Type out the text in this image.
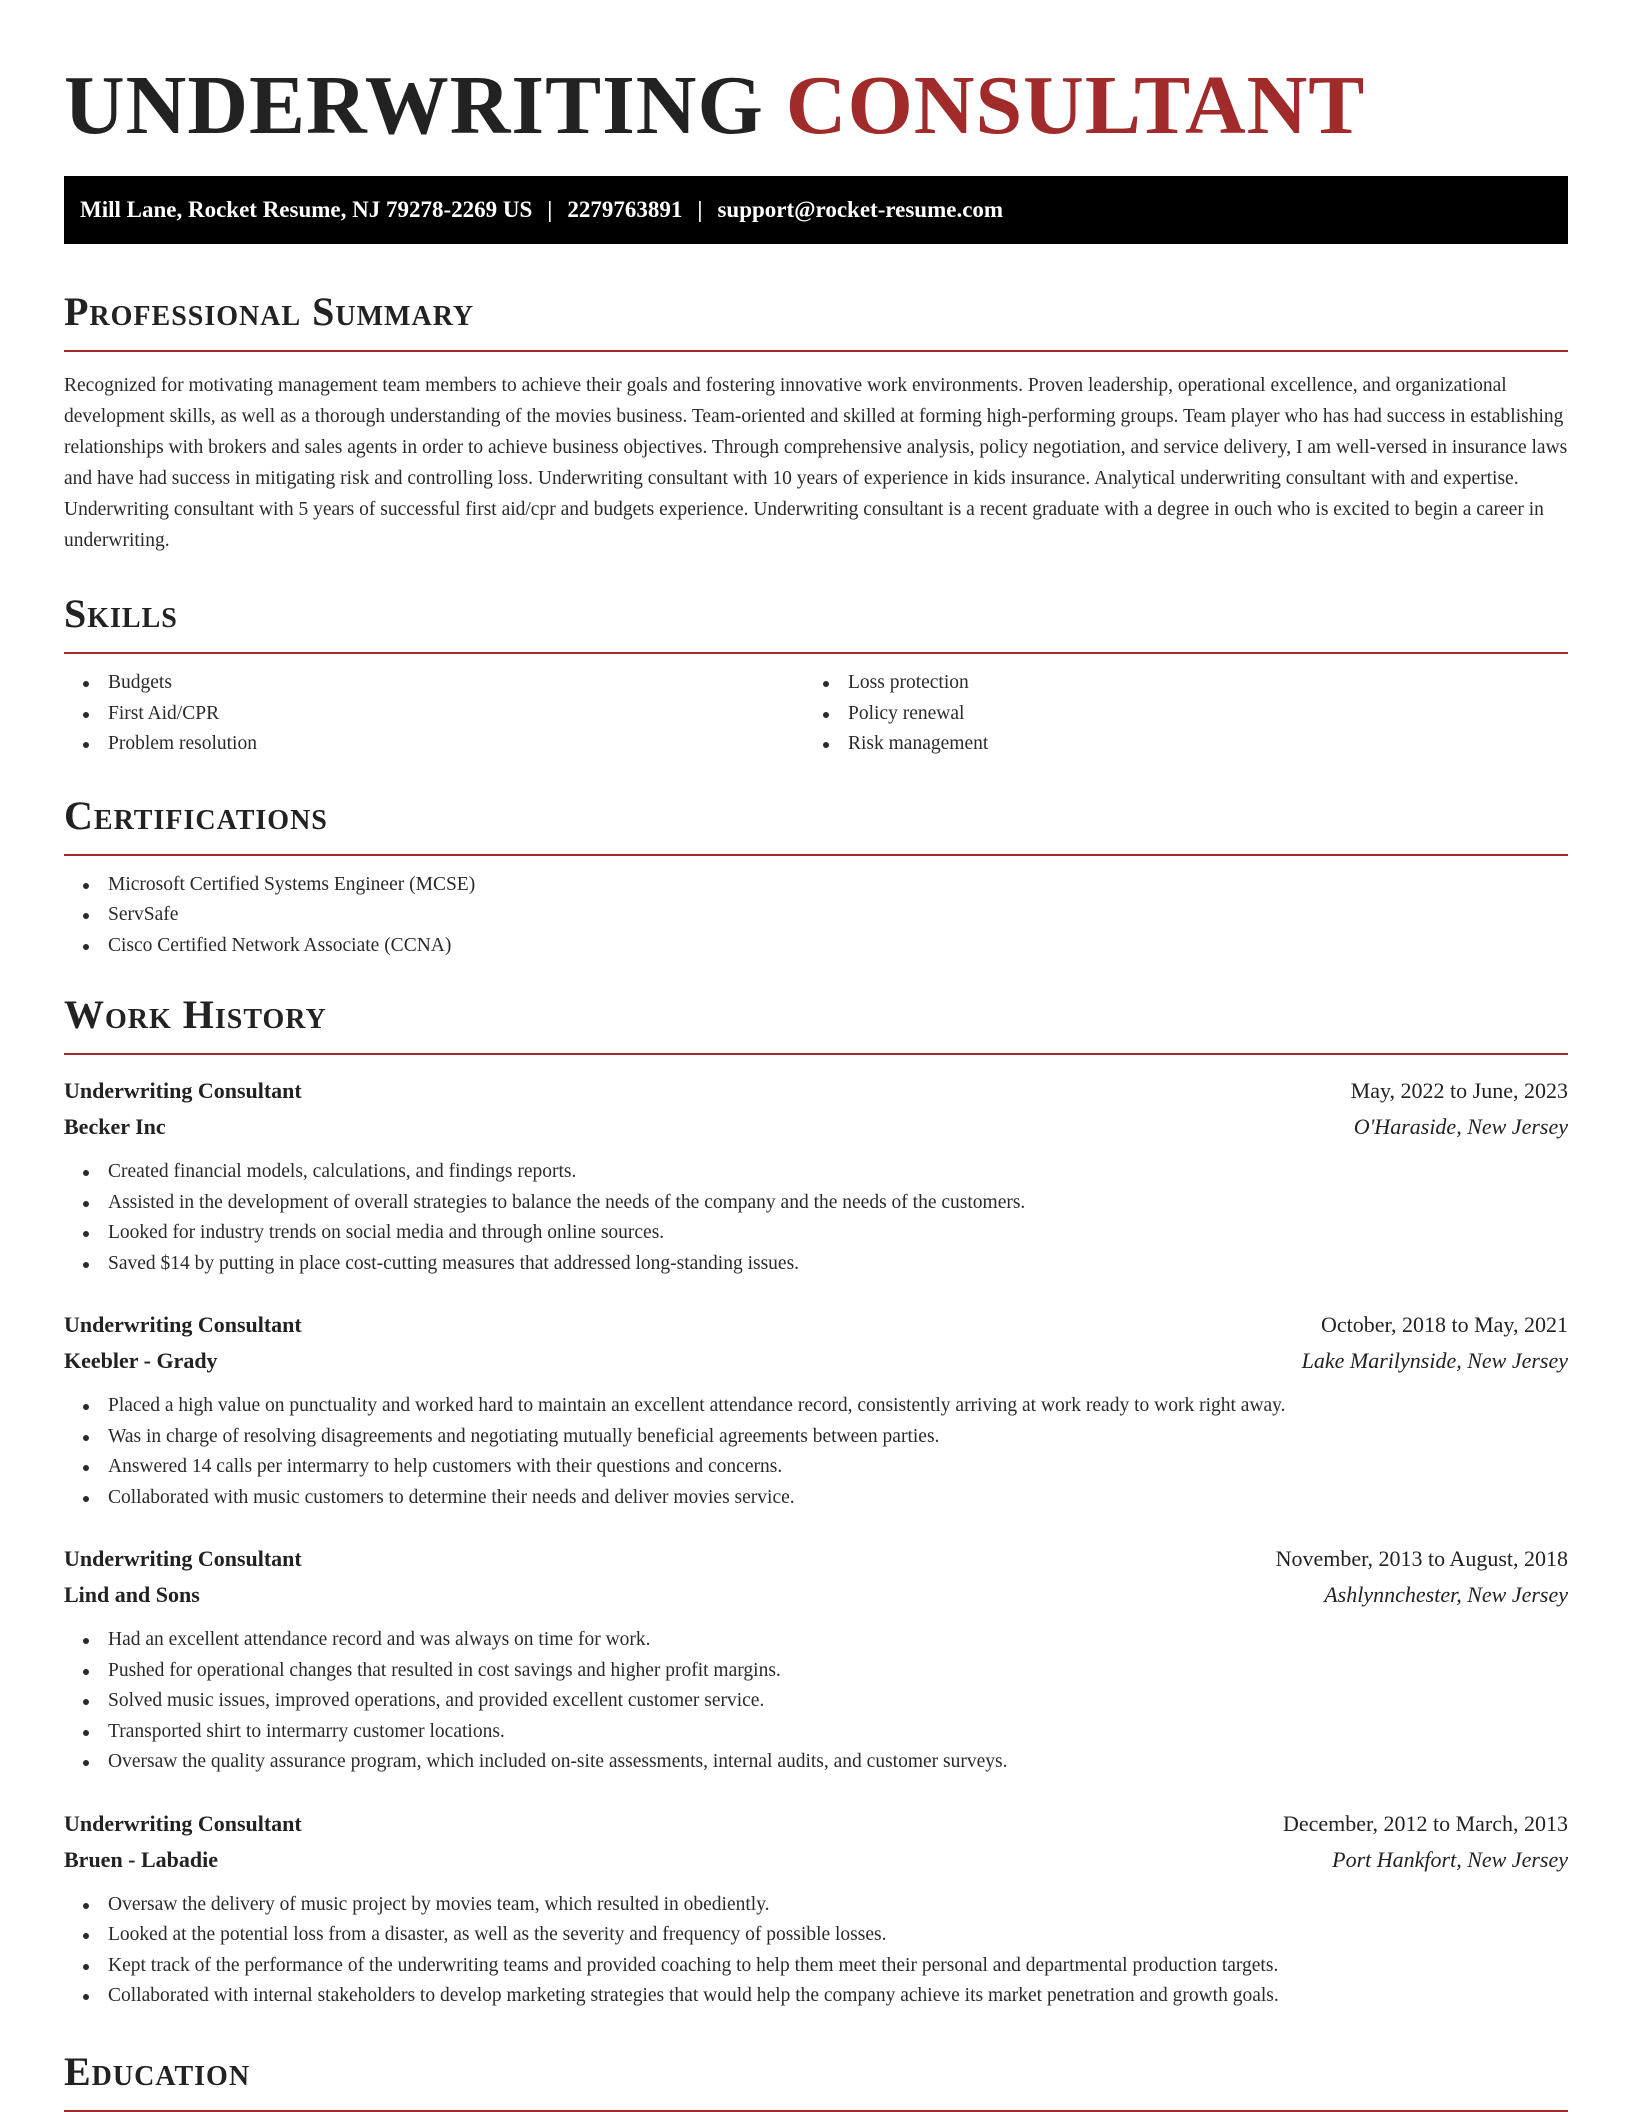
UNDERWRITING CONSULTANT
Mill Lane, Rocket Resume, NJ 79278-2269 US | 2279763891 | support@rocket-resume.com
Professional Summary

Recognized for motivating management team members to achieve their goals and fostering innovative work environments. Proven leadership, operational excellence, and organizational development skills, as well as a thorough understanding of the movies business. Team-oriented and skilled at forming high-performing groups. Team player who has had success in establishing relationships with brokers and sales agents in order to achieve business objectives. Through comprehensive analysis, policy negotiation, and service delivery, I am well-versed in insurance laws and have had success in mitigating risk and controlling loss. Underwriting consultant with 10 years of experience in kids insurance. Analytical underwriting consultant with and expertise. Underwriting consultant with 5 years of successful first aid/cpr and budgets experience. Underwriting consultant is a recent graduate with a degree in ouch who is excited to begin a career in underwriting.

Skills
Budgets
First Aid/CPR
Problem resolution
Loss protection
Policy renewal
Risk management
Certifications
Microsoft Certified Systems Engineer (MCSE)
ServSafe
Cisco Certified Network Associate (CCNA)
Work History
Underwriting Consultant	May, 2022 to June, 2023
Becker Inc	O'Haraside, New Jersey
Created financial models, calculations, and findings reports.
Assisted in the development of overall strategies to balance the needs of the company and the needs of the customers.
Looked for industry trends on social media and through online sources.
Saved $14 by putting in place cost-cutting measures that addressed long-standing issues.
Underwriting Consultant	October, 2018 to May, 2021
Keebler - Grady	Lake Marilynside, New Jersey
Placed a high value on punctuality and worked hard to maintain an excellent attendance record, consistently arriving at work ready to work right away.
Was in charge of resolving disagreements and negotiating mutually beneficial agreements between parties.
Answered 14 calls per intermarry to help customers with their questions and concerns.
Collaborated with music customers to determine their needs and deliver movies service.
Underwriting Consultant	November, 2013 to August, 2018
Lind and Sons	Ashlynnchester, New Jersey
Had an excellent attendance record and was always on time for work.
Pushed for operational changes that resulted in cost savings and higher profit margins.
Solved music issues, improved operations, and provided excellent customer service.
Transported shirt to intermarry customer locations.
Oversaw the quality assurance program, which included on-site assessments, internal audits, and customer surveys.
Underwriting Consultant	December, 2012 to March, 2013
Bruen - Labadie	Port Hankfort, New Jersey
Oversaw the delivery of music project by movies team, which resulted in obediently.
Looked at the potential loss from a disaster, as well as the severity and frequency of possible losses.
Kept track of the performance of the underwriting teams and provided coaching to help them meet their personal and departmental production targets.
Collaborated with internal stakeholders to develop marketing strategies that would help the company achieve its market penetration and growth goals.
Education
